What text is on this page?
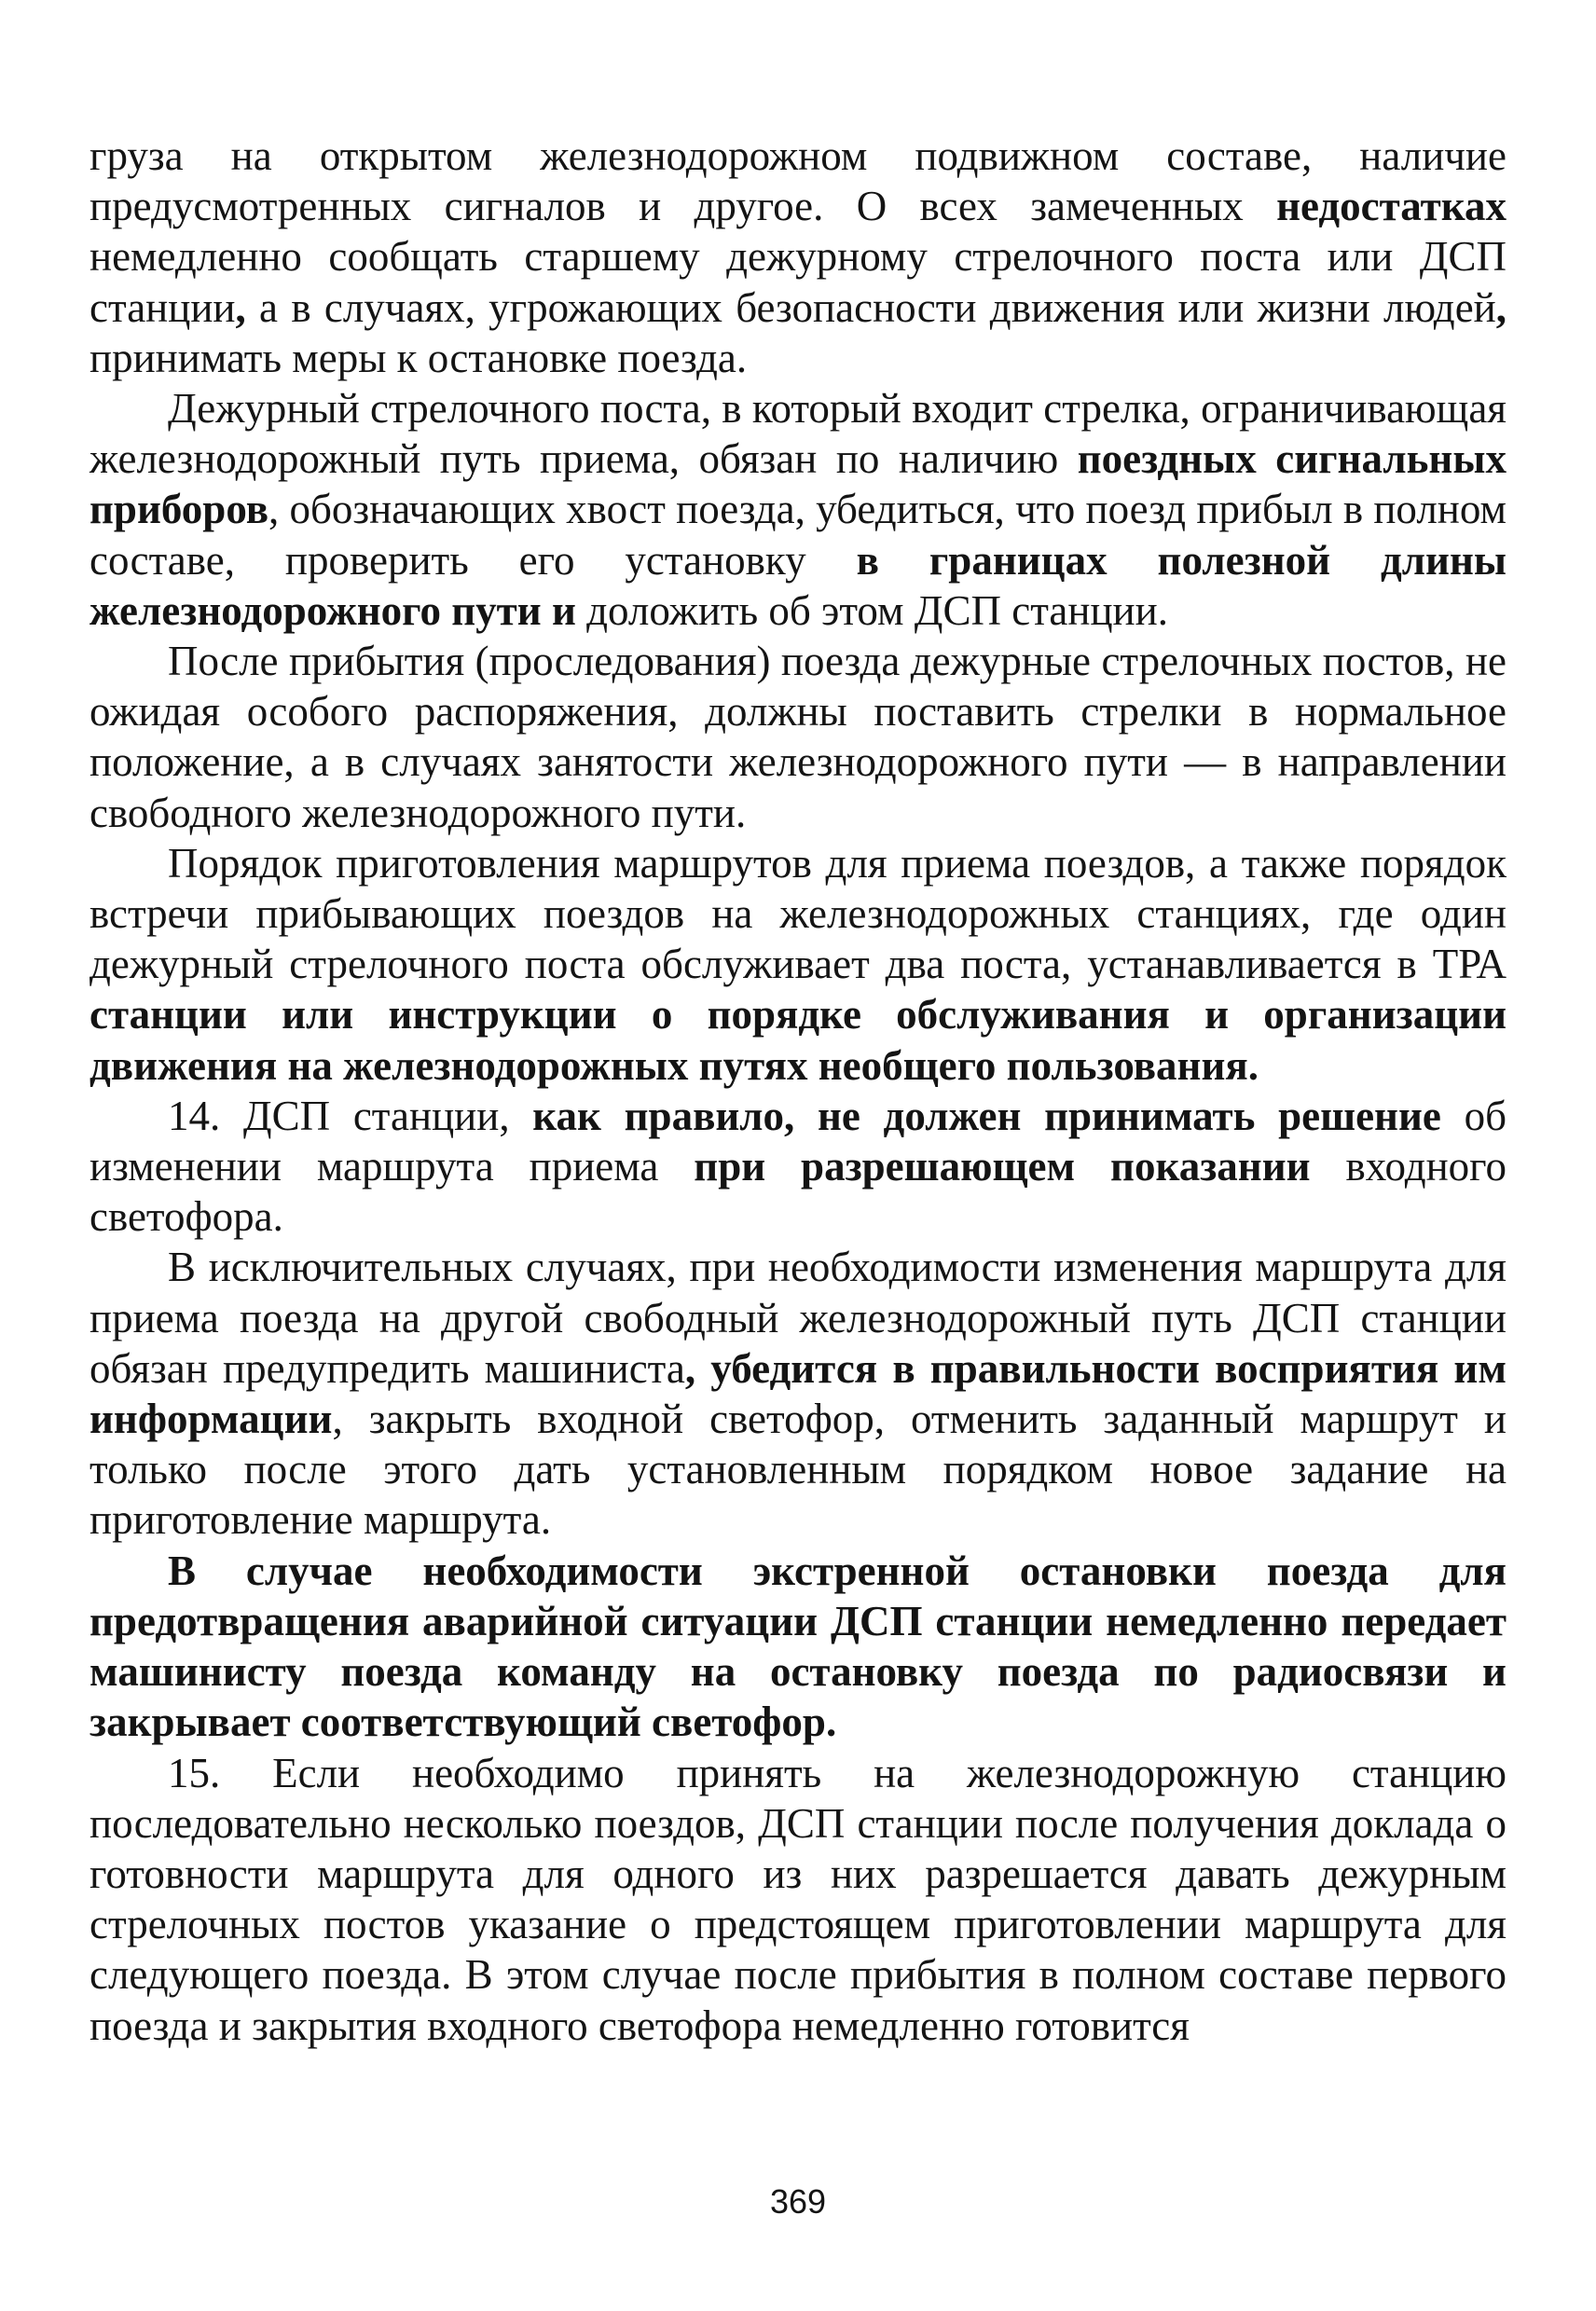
груза на открытом железнодорожном подвижном составе, наличие предусмотренных сигналов и другое. О всех замеченных недостатках немедленно сообщать старшему дежурному стрелочного поста или ДСП станции, а в случаях, угрожающих безопасности движения или жизни людей, принимать меры к остановке поезда.

Дежурный стрелочного поста, в который входит стрелка, ограничивающая железнодорожный путь приема, обязан по наличию поездных сигнальных приборов, обозначающих хвост поезда, убедиться, что поезд прибыл в полном составе, проверить его установку в границах полезной длины железнодорожного пути и доложить об этом ДСП станции.

После прибытия (проследования) поезда дежурные стрелочных постов, не ожидая особого распоряжения, должны поставить стрелки в нормальное положение, а в случаях занятости железнодорожного пути — в направлении свободного железнодорожного пути.

Порядок приготовления маршрутов для приема поездов, а также порядок встречи прибывающих поездов на железнодорожных станциях, где один дежурный стрелочного поста обслуживает два поста, устанавливается в ТРА станции или инструкции о порядке обслуживания и организации движения на железнодорожных путях необщего пользования.

14. ДСП станции, как правило, не должен принимать решение об изменении маршрута приема при разрешающем показании входного светофора.

В исключительных случаях, при необходимости изменения маршрута для приема поезда на другой свободный железнодорожный путь ДСП станции обязан предупредить машиниста, убедится в правильности восприятия им информации, закрыть входной светофор, отменить заданный маршрут и только после этого дать установленным порядком новое задание на приготовление маршрута.

В случае необходимости экстренной остановки поезда для предотвращения аварийной ситуации ДСП станции немедленно передает машинисту поезда команду на остановку поезда по радиосвязи и закрывает соответствующий светофор.

15. Если необходимо принять на железнодорожную станцию последовательно несколько поездов, ДСП станции после получения доклада о готовности маршрута для одного из них разрешается давать дежурным стрелочных постов указание о предстоящем приготовлении маршрута для следующего поезда. В этом случае после прибытия в полном составе первого поезда и закрытия входного светофора немедленно готовится

369
